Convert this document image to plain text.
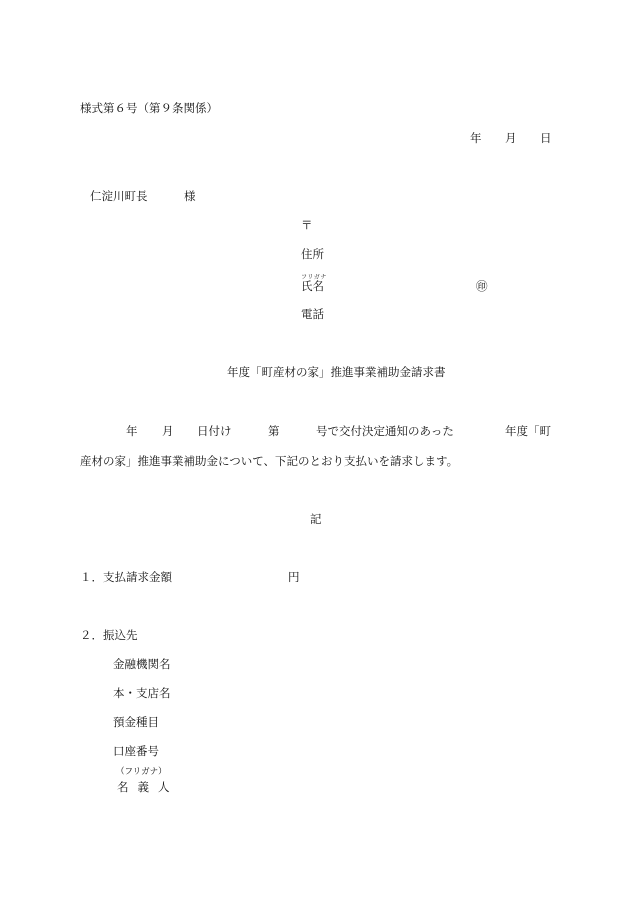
様式第６号（第９条関係）
年 月 日
仁淀川町長	様
〒
住所
フリガナ
氏名	㊞
電話
年度「町産材の家」推進事業補助金請求書
年 月 日付け	第	号で交付決定通知のあった	年度「町
産材の家」推進事業補助金について、下記のとおり支払いを請求します。
記
１．支払請求金額	円
２．振込先
金融機関名
本・支店名
預金種目
口座番号
（フリガナ）
名義人
